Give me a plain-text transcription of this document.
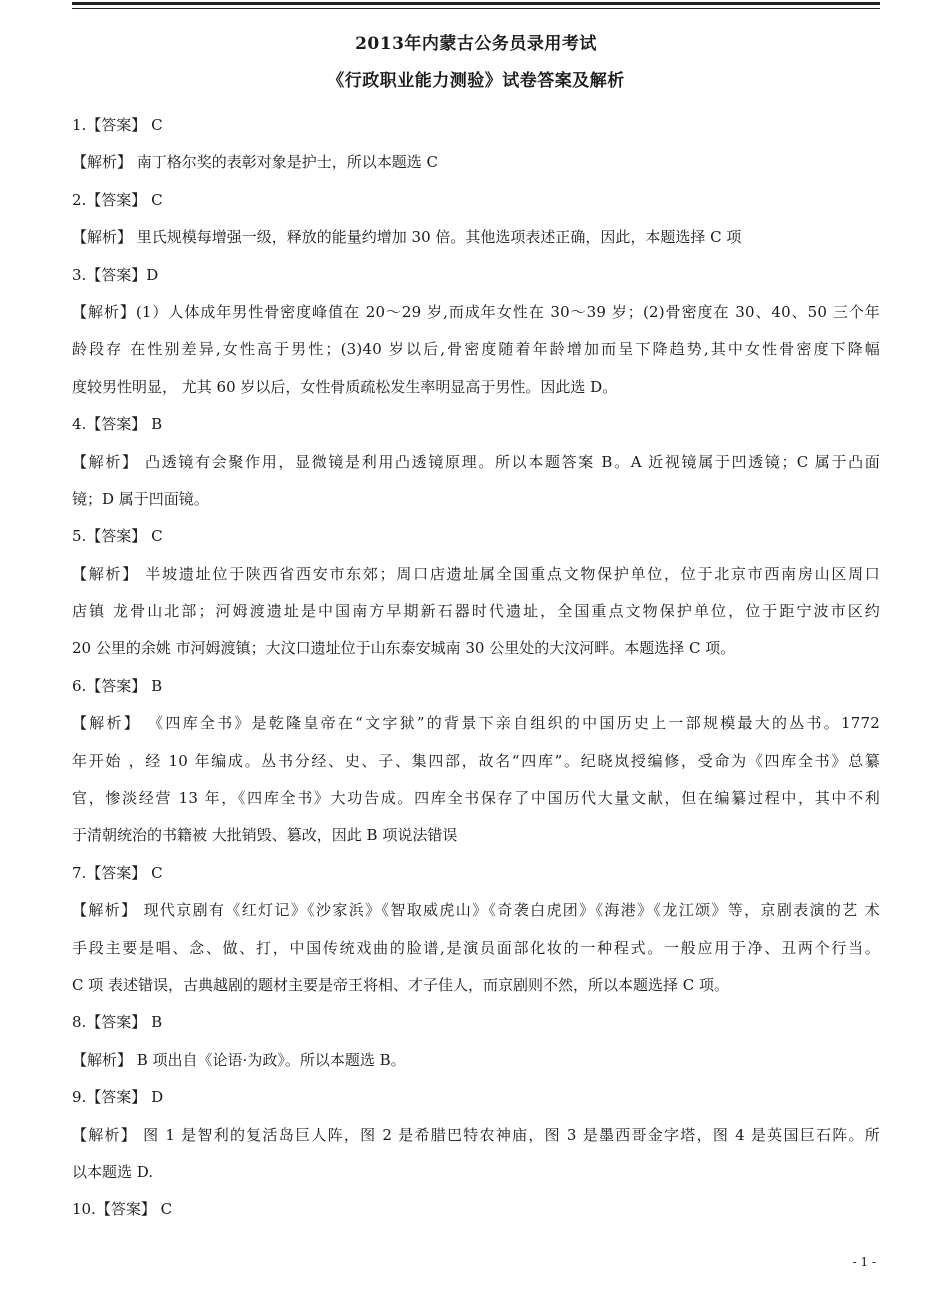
2013年内蒙古公务员录用考试
《行政职业能力测验》试卷答案及解析
1.【答案】 C
【解析】 南丁格尔奖的表彰对象是护士，所以本题选 C
2.【答案】 C
【解析】 里氏规模每增强一级，释放的能量约增加 30 倍。其他选项表述正确，因此，本题选择 C 项
3.【答案】D
【解析】(1）人体成年男性骨密度峰值在 20～29 岁,而成年女性在 30～39 岁；(2)骨密度在 30、40、50 三个年
龄段存 在性别差异,女性高于男性；(3)40 岁以后,骨密度随着年龄增加而呈下降趋势,其中女性骨密度下降幅
度较男性明显， 尤其 60 岁以后，女性骨质疏松发生率明显高于男性。因此选 D。
4.【答案】 B
【解析】 凸透镜有会聚作用，显微镜是利用凸透镜原理。所以本题答案 B。A 近视镜属于凹透镜；C 属于凸面
镜；D 属于凹面镜。
5.【答案】 C
【解析】 半坡遗址位于陕西省西安市东郊；周口店遗址属全国重点文物保护单位，位于北京市西南房山区周口
店镇 龙骨山北部；河姆渡遗址是中国南方早期新石器时代遗址，全国重点文物保护单位，位于距宁波市区约
20 公里的余姚 市河姆渡镇；大汶口遗址位于山东泰安城南 30 公里处的大汶河畔。本题选择 C 项。
6.【答案】 B
【解析】 《四库全书》是乾隆皇帝在“文字狱”的背景下亲自组织的中国历史上一部规模最大的丛书。1772
年开始 ，经 10 年编成。丛书分经、史、子、集四部，故名“四库”。纪晓岚授编修，受命为《四库全书》总纂
官，惨淡经营 13 年，《四库全书》大功告成。四库全书保存了中国历代大量文献，但在编纂过程中，其中不利
于清朝统治的书籍被 大批销毁、篡改，因此 B 项说法错误
7.【答案】 C
【解析】 现代京剧有《红灯记》《沙家浜》《智取威虎山》《奇袭白虎团》《海港》《龙江颂》等，京剧表演的艺 术
手段主要是唱、念、做、打，中国传统戏曲的脸谱,是演员面部化妆的一种程式。一般应用于净、丑两个行当。
C 项 表述错误，古典越剧的题材主要是帝王将相、才子佳人，而京剧则不然，所以本题选择 C 项。
8.【答案】 B
【解析】 B 项出自《论语·为政》。所以本题选 B。
9.【答案】 D
【解析】 图 1 是智利的复活岛巨人阵，图 2 是希腊巴特农神庙，图 3 是墨西哥金字塔，图 4 是英国巨石阵。所
以本题选 D.
10.【答案】 C
- 1 -
